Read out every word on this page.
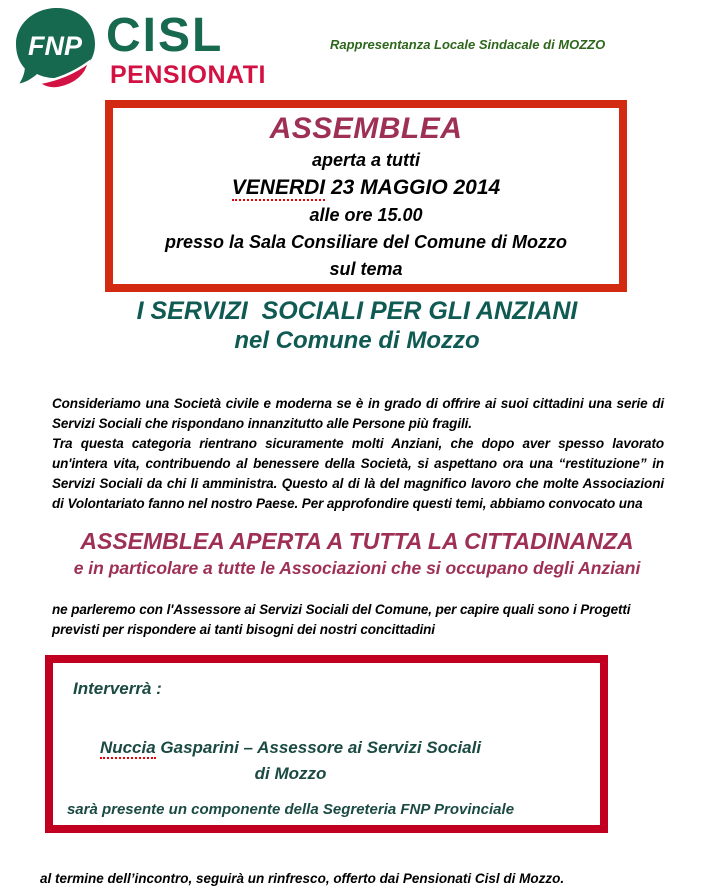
FNP CISL
PENSIONATI
Rappresentanza Locale Sindacale di MOZZO
ASSEMBLEA
aperta a tutti
VENERDI 23 MAGGIO 2014
alle ore 15.00
presso la Sala Consiliare del Comune di Mozzo
sul tema
I SERVIZI  SOCIALI PER GLI ANZIANI
nel Comune di Mozzo
Consideriamo una Società civile e moderna se è in grado di offrire ai suoi cittadini una serie di Servizi Sociali che rispondano innanzitutto alle Persone più fragili.
Tra questa categoria rientrano sicuramente molti Anziani, che dopo aver spesso lavorato un'intera vita, contribuendo al benessere della Società, si aspettano ora una “restituzione” in Servizi Sociali da chi li amministra. Questo al di là del magnifico lavoro che molte Associazioni di Volontariato fanno nel nostro Paese. Per approfondire questi temi, abbiamo convocato una
ASSEMBLEA APERTA A TUTTA LA CITTADINANZA
e in particolare a tutte le Associazioni che si occupano degli Anziani
ne parleremo con l'Assessore ai Servizi Sociali del Comune, per capire quali sono i Progetti previsti per rispondere ai tanti bisogni dei nostri concittadini
Interverrà :
Nuccia Gasparini – Assessore ai Servizi Sociali
di Mozzo
sarà presente un componente della Segreteria FNP Provinciale
al termine dell’incontro, seguirà un rinfresco, offerto dai Pensionati Cisl di Mozzo.
